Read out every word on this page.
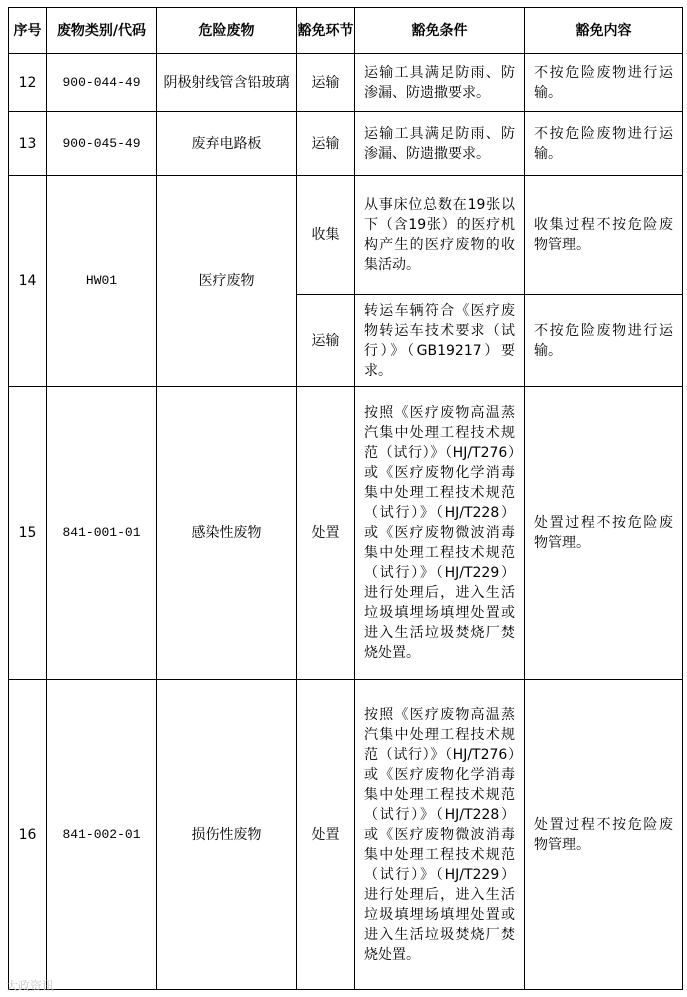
序号	废物类别/代码	危险废物	豁免环节	豁免条件	豁免内容
12	900-044-49	阴极射线管含铅玻璃	运输	运输工具满足防雨、防渗漏、防遗撒要求。	不按危险废物进行运输。
13	900-045-49	废弃电路板	运输	运输工具满足防雨、防渗漏、防遗撒要求。	不按危险废物进行运输。
14	HW01	医疗废物	收集	从事床位总数在19张以下（含19张）的医疗机构产生的医疗废物的收集活动。	收集过程不按危险废物管理。
			运输	转运车辆符合《医疗废物转运车技术要求（试行）》（GB19217）要求。	不按危险废物进行运输。
15	841-001-01	感染性废物	处置	按照《医疗废物高温蒸汽集中处理工程技术规范（试行）》（HJ/T276）或《医疗废物化学消毒集中处理工程技术规范（试行）》（HJ/T228）或《医疗废物微波消毒集中处理工程技术规范（试行）》（HJ/T229）进行处理后，进入生活垃圾填埋场填埋处置或进入生活垃圾焚烧厂焚烧处置。	处置过程不按危险废物管理。
16	841-002-01	损伤性废物	处置	按照《医疗废物高温蒸汽集中处理工程技术规范（试行）》（HJ/T276）或《医疗废物化学消毒集中处理工程技术规范（试行）》（HJ/T228）或《医疗废物微波消毒集中处理工程技术规范（试行）》（HJ/T229）进行处理后，进入生活垃圾填埋场填埋处置或进入生活垃圾焚烧厂焚烧处置。	处置过程不按危险废物管理。
大政资讯
